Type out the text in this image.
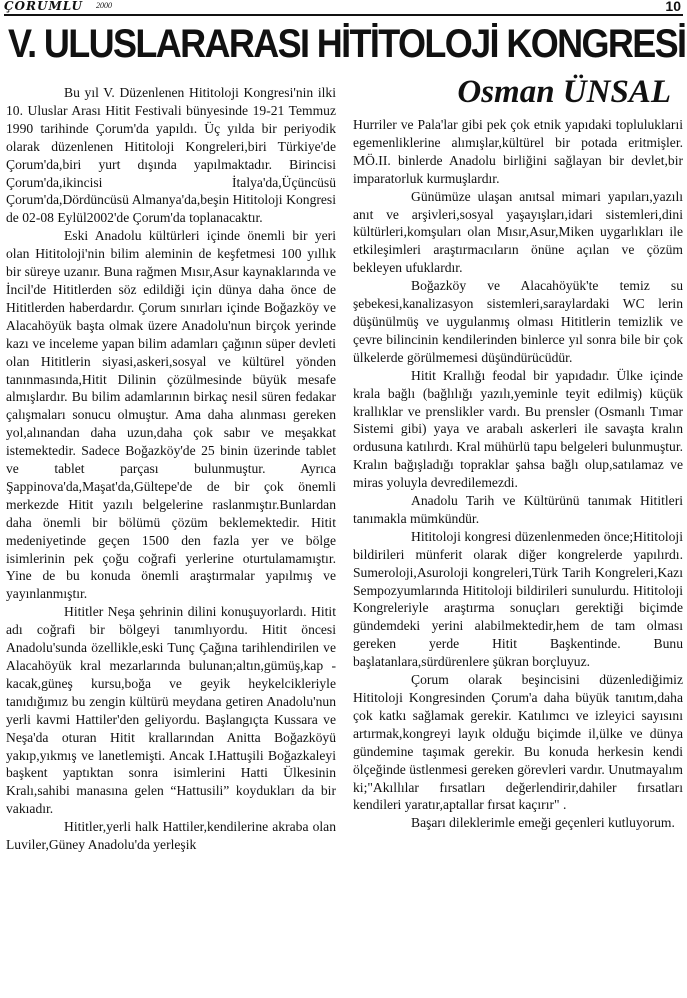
ÇORUMLU 2000	10
V. ULUSLARARASI HİTİTOLOJİ KONGRESİ
Osman ÜNSAL

Bu yıl V. Düzenlenen Hititoloji Kongresi'nin ilki 10. Uluslar Arası Hitit Festivali bünyesinde 19-21 Temmuz 1990 tarihinde Çorum'da yapıldı. Üç yılda bir periyodik olarak düzenlenen Hititoloji Kongreleri,biri Türkiye'de Çorum'da,biri yurt dışında yapılmaktadır. Birincisi Çorum'da,ikincisi İtalya'da,Üçüncüsü Çorum'da,Dördüncüsü Almanya'da,beşin Hititoloji Kongresi de 02-08 Eylül2002'de Çorum'da toplanacaktır.

Eski Anadolu kültürleri içinde önemli bir yeri olan Hititoloji'nin bilim aleminin de keşfetmesi 100 yıllık bir süreye uzanır. Buna rağmen Mısır,Asur kaynaklarında ve İncil'de Hititlerden söz edildiği için dünya daha önce de Hititlerden haberdardır. Çorum sınırları içinde Boğazköy ve Alacahöyük başta olmak üzere Anadolu'nun birçok yerinde kazı ve inceleme yapan bilim adamları çağının süper devleti olan Hititlerin siyasi,askeri,sosyal ve kültürel yönden tanınmasında,Hitit Dilinin çözülmesinde büyük mesafe almışlardır. Bu bilim adamlarının birkaç nesil süren fedakar çalışmaları sonucu olmuştur. Ama daha alınması gereken yol,alınandan daha uzun,daha çok sabır ve meşakkat istemektedir. Sadece Boğazköy'de 25 binin üzerinde tablet ve tablet parçası bulunmuştur. Ayrıca Şappinova'da,Maşat'da,Gültepe'de de bir çok önemli merkezde Hitit yazılı belgelerine raslanmıştır.Bunlardan daha önemli bir bölümü çözüm beklemektedir. Hitit medeniyetinde geçen 1500 den fazla yer ve bölge isimlerinin pek çoğu coğrafi yerlerine oturtulamamıştır. Yine de bu konuda önemli araştırmalar yapılmış ve yayınlanmıştır.

Hititler Neşa şehrinin dilini konuşuyorlardı. Hitit adı coğrafi bir bölgeyi tanımlıyordu. Hitit öncesi Anadolu'sunda özellikle,eski Tunç Çağına tarihlendirilen ve Alacahöyük kral mezarlarında bulunan;altın,gümüş,kap -kacak,güneş kursu,boğa ve geyik heykelcikleriyle tanıdığımız bu zengin kültürü meydana getiren Anadolu'nun yerli kavmi Hattiler'den geliyordu. Başlangıçta Kussara ve Neşa'da oturan Hitit krallarından Anitta Boğazköyü yakıp,yıkmış ve lanetlemişti. Ancak I.Hattuşili Boğazkaleyi başkent yaptıktan sonra isimlerini Hatti Ülkesinin Kralı,sahibi manasına gelen “Hattusili” koydukları da bir vakıadır.

Hititler,yerli halk Hattiler,kendilerine akraba olan Luviler,Güney Anadolu'da yerleşik

Hurriler ve Pala'lar gibi pek çok etnik yapıdaki topluluklarıi egemenliklerine alımışlar,kültürel bir potada eritmişler. MÖ.II. binlerde Anadolu birliğini sağlayan bir devlet,bir imparatorluk kurmuşlardır.

Günümüze ulaşan anıtsal mimari yapıları,yazılı anıt ve arşivleri,sosyal yaşayışları,idari sistemleri,dini kültürleri,komşuları olan Mısır,Asur,Miken uygarlıkları ile etkileşimleri araştırmacıların önüne açılan ve çözüm bekleyen ufuklardır.

Boğazköy ve Alacahöyük'te temiz su şebekesi,kanalizasyon sistemleri,saraylardaki WC lerin düşünülmüş ve uygulanmış olması Hititlerin temizlik ve çevre bilincinin kendilerinden binlerce yıl sonra bile bir çok ülkelerde görülmemesi düşündürücüdür.

Hitit Krallığı feodal bir yapıdadır. Ülke içinde krala bağlı (bağlılığı yazılı,yeminle teyit edilmiş) küçük krallıklar ve prenslikler vardı. Bu prensler (Osmanlı Tımar Sistemi gibi) yaya ve arabalı askerleri ile savaşta kralın ordusuna katılırdı. Kral mühürlü tapu belgeleri bulunmuştur. Kralın bağışladığı topraklar şahsa bağlı olup,satılamaz ve miras yoluyla devredilemezdi.

Anadolu Tarih ve Kültürünü tanımak Hititleri tanımakla mümkündür.

Hititoloji kongresi düzenlenmeden önce;Hititoloji bildirileri münferit olarak diğer kongrelerde yapılırdı. Sumeroloji,Asuroloji kongreleri,Türk Tarih Kongreleri,Kazı Sempozyumlarında Hititoloji bildirileri sunulurdu. Hititoloji Kongreleriyle araştırma sonuçları gerektiği biçimde gündemdeki yerini alabilmektedir,hem de tam olması gereken yerde Hitit Başkentinde. Bunu başlatanlara,sürdürenlere şükran borçluyuz.

Çorum olarak beşincisini düzenlediğimiz Hititoloji Kongresinden Çorum'a daha büyük tanıtım,daha çok katkı sağlamak gerekir. Katılımcı ve izleyici sayısını artırmak,kongreyi layık olduğu biçimde il,ülke ve dünya gündemine taşımak gerekir. Bu konuda herkesin kendi ölçeğinde üstlenmesi gereken görevleri vardır. Unutmayalım ki;"Akıllılar fırsatları değerlendirir,dahiler fırsatları kendileri yaratır,aptallar fırsat kaçırır" .

Başarı dileklerimle emeği geçenleri kutluyorum.
